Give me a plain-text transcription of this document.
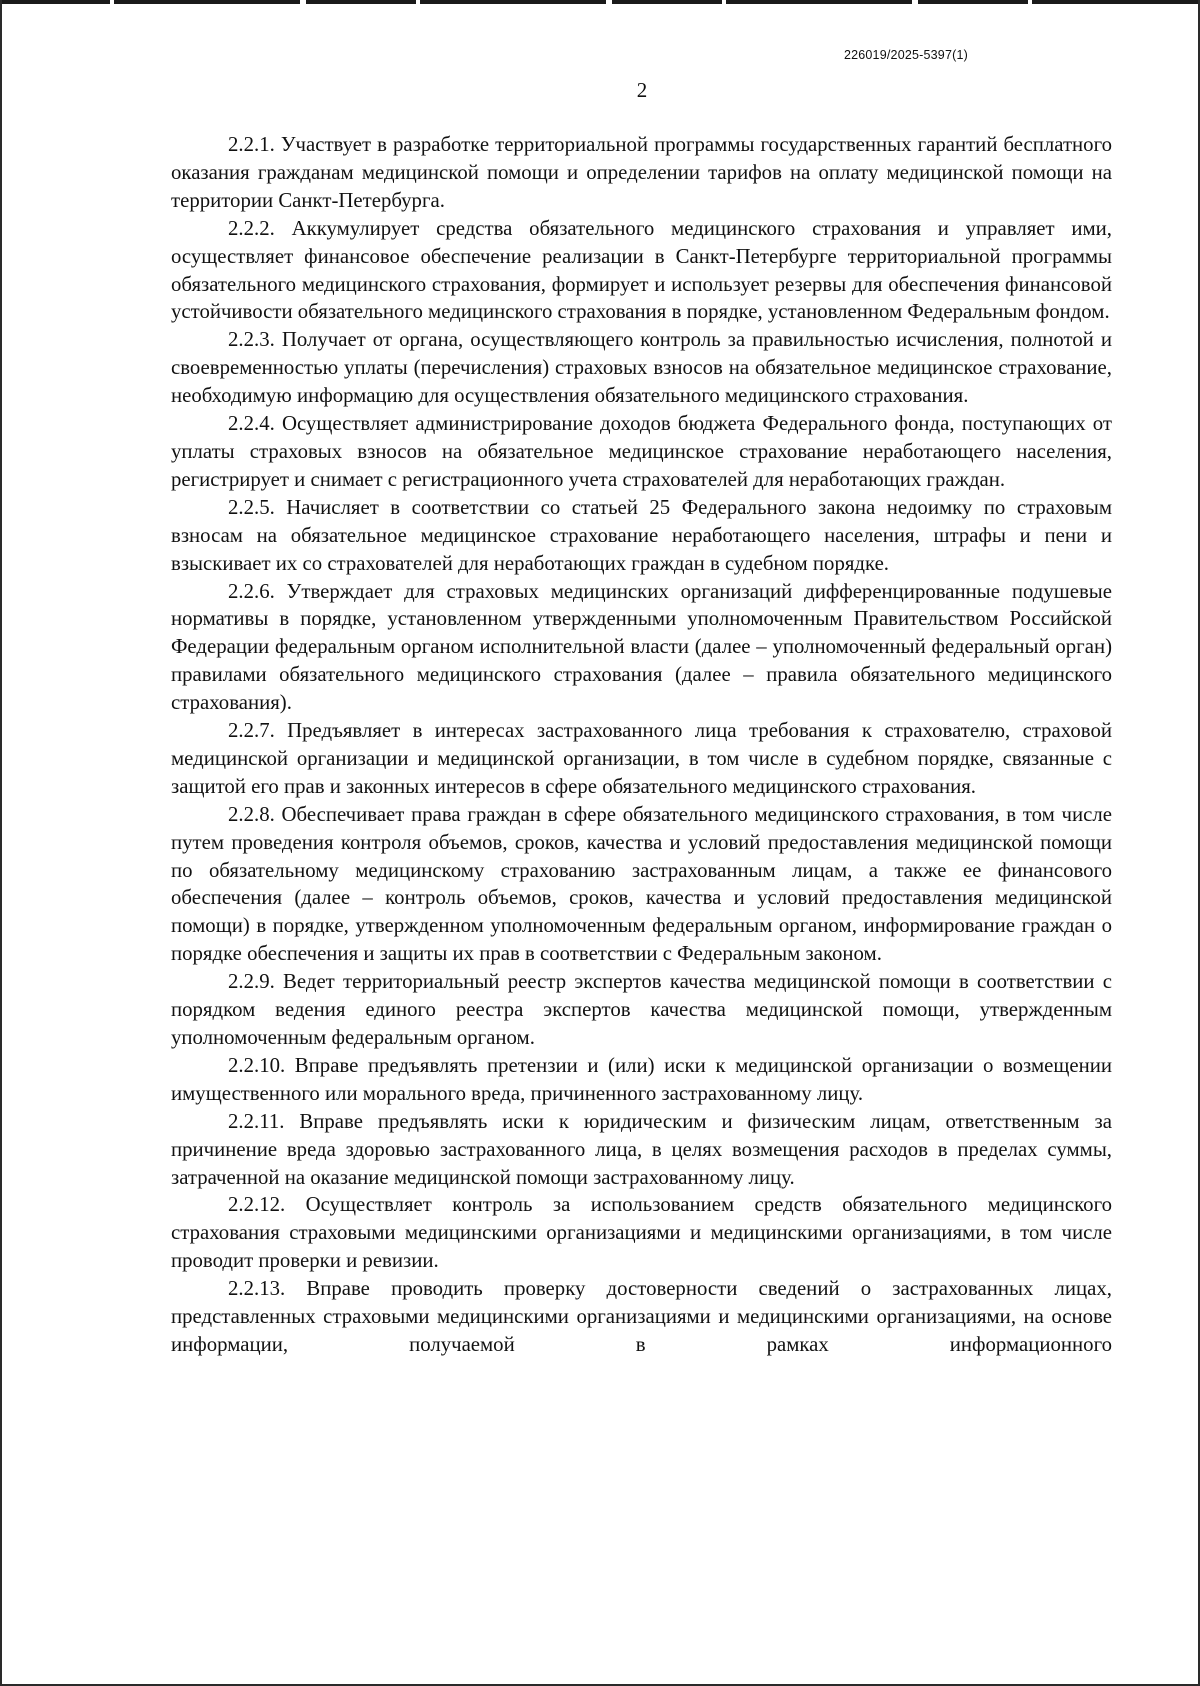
226019/2025-5397(1)
2

2.2.1. Участвует в разработке территориальной программы государственных гарантий бесплатного оказания гражданам медицинской помощи и определении тарифов на оплату медицинской помощи на территории Санкт-Петербурга.

2.2.2. Аккумулирует средства обязательного медицинского страхования и управляет ими, осуществляет финансовое обеспечение реализации в Санкт-Петербурге территориальной программы обязательного медицинского страхования, формирует и использует резервы для обеспечения финансовой устойчивости обязательного медицинского страхования в порядке, установленном Федеральным фондом.

2.2.3. Получает от органа, осуществляющего контроль за правильностью исчисления, полнотой и своевременностью уплаты (перечисления) страховых взносов на обязательное медицинское страхование, необходимую информацию для осуществления обязательного медицинского страхования.

2.2.4. Осуществляет администрирование доходов бюджета Федерального фонда, поступающих от уплаты страховых взносов на обязательное медицинское страхование неработающего населения, регистрирует и снимает с регистрационного учета страхователей для неработающих граждан.

2.2.5. Начисляет в соответствии со статьей 25 Федерального закона недоимку по страховым взносам на обязательное медицинское страхование неработающего населения, штрафы и пени и взыскивает их со страхователей для неработающих граждан в судебном порядке.

2.2.6. Утверждает для страховых медицинских организаций дифференцированные подушевые нормативы в порядке, установленном утвержденными уполномоченным Правительством Российской Федерации федеральным органом исполнительной власти (далее – уполномоченный федеральный орган) правилами обязательного медицинского страхования (далее – правила обязательного медицинского страхования).

2.2.7. Предъявляет в интересах застрахованного лица требования к страхователю, страховой медицинской организации и медицинской организации, в том числе в судебном порядке, связанные с защитой его прав и законных интересов в сфере обязательного медицинского страхования.

2.2.8. Обеспечивает права граждан в сфере обязательного медицинского страхования, в том числе путем проведения контроля объемов, сроков, качества и условий предоставления медицинской помощи по обязательному медицинскому страхованию застрахованным лицам, а также ее финансового обеспечения (далее – контроль объемов, сроков, качества и условий предоставления медицинской помощи) в порядке, утвержденном уполномоченным федеральным органом, информирование граждан о порядке обеспечения и защиты их прав в соответствии с Федеральным законом.

2.2.9. Ведет территориальный реестр экспертов качества медицинской помощи в соответствии с порядком ведения единого реестра экспертов качества медицинской помощи, утвержденным уполномоченным федеральным органом.

2.2.10. Вправе предъявлять претензии и (или) иски к медицинской организации о возмещении имущественного или морального вреда, причиненного застрахованному лицу.

2.2.11. Вправе предъявлять иски к юридическим и физическим лицам, ответственным за причинение вреда здоровью застрахованного лица, в целях возмещения расходов в пределах суммы, затраченной на оказание медицинской помощи застрахованному лицу.

2.2.12. Осуществляет контроль за использованием средств обязательного медицинского страхования страховыми медицинскими организациями и медицинскими организациями, в том числе проводит проверки и ревизии.

2.2.13. Вправе проводить проверку достоверности сведений о застрахованных лицах, представленных страховыми медицинскими организациями и медицинскими организациями, на основе информации, получаемой в рамках информационного
